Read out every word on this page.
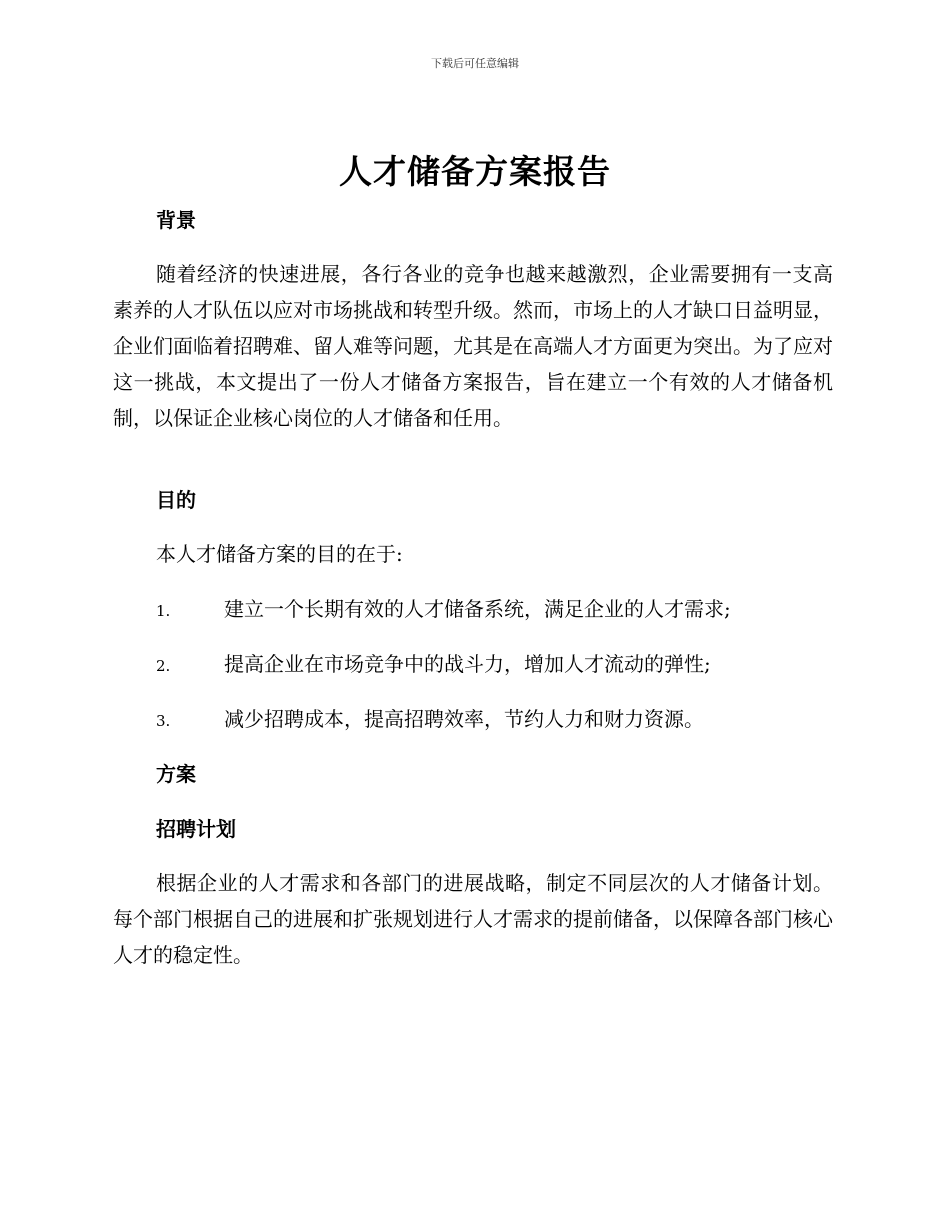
下载后可任意编辑
人才储备方案报告
背景
随着经济的快速进展，各行各业的竞争也越来越激烈，企业需要拥有一支高素养的人才队伍以应对市场挑战和转型升级。然而，市场上的人才缺口日益明显，企业们面临着招聘难、留人难等问题，尤其是在高端人才方面更为突出。为了应对这一挑战，本文提出了一份人才储备方案报告，旨在建立一个有效的人才储备机制，以保证企业核心岗位的人才储备和任用。
目的
本人才储备方案的目的在于:
1.	建立一个长期有效的人才储备系统，满足企业的人才需求;
2.	提高企业在市场竞争中的战斗力，增加人才流动的弹性;
3.	减少招聘成本，提高招聘效率，节约人力和财力资源。
方案
招聘计划
根据企业的人才需求和各部门的进展战略，制定不同层次的人才储备计划。每个部门根据自己的进展和扩张规划进行人才需求的提前储备，以保障各部门核心人才的稳定性。
